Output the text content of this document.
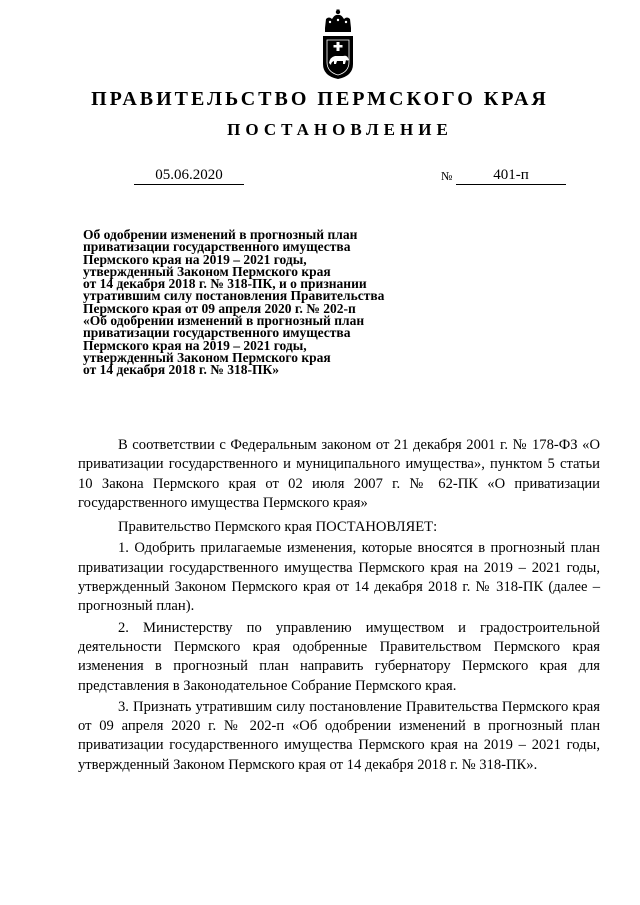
ПРАВИТЕЛЬСТВО ПЕРМСКОГО КРАЯ
ПОСТАНОВЛЕНИЕ
05.06.2020	№	401-п
Об одобрении изменений в прогнозный план
приватизации государственного имущества
Пермского края на 2019 – 2021 годы,
утвержденный Законом Пермского края
от 14 декабря 2018 г. № 318-ПК, и о признании
утратившим силу постановления Правительства
Пермского края от 09 апреля 2020 г. № 202-п
«Об одобрении изменений в прогнозный план
приватизации государственного имущества
Пермского края на 2019 – 2021 годы,
утвержденный Законом Пермского края
от 14 декабря 2018 г. № 318-ПК»

В соответствии с Федеральным законом от 21 декабря 2001 г. № 178-ФЗ «О приватизации государственного и муниципального имущества», пунктом 5 статьи 10 Закона Пермского края от 02 июля 2007 г. № 62-ПК «О приватизации государственного имущества Пермского края»

Правительство Пермского края ПОСТАНОВЛЯЕТ:

1. Одобрить прилагаемые изменения, которые вносятся в прогнозный план приватизации государственного имущества Пермского края на 2019 – 2021 годы, утвержденный Законом Пермского края от 14 декабря 2018 г. № 318-ПК (далее – прогнозный план).

2. Министерству по управлению имуществом и градостроительной деятельности Пермского края одобренные Правительством Пермского края изменения в прогнозный план направить губернатору Пермского края для представления в Законодательное Собрание Пермского края.

3. Признать утратившим силу постановление Правительства Пермского края от 09 апреля 2020 г. № 202-п «Об одобрении изменений в прогнозный план приватизации государственного имущества Пермского края на 2019 – 2021 годы, утвержденный Законом Пермского края от 14 декабря 2018 г. № 318-ПК».
